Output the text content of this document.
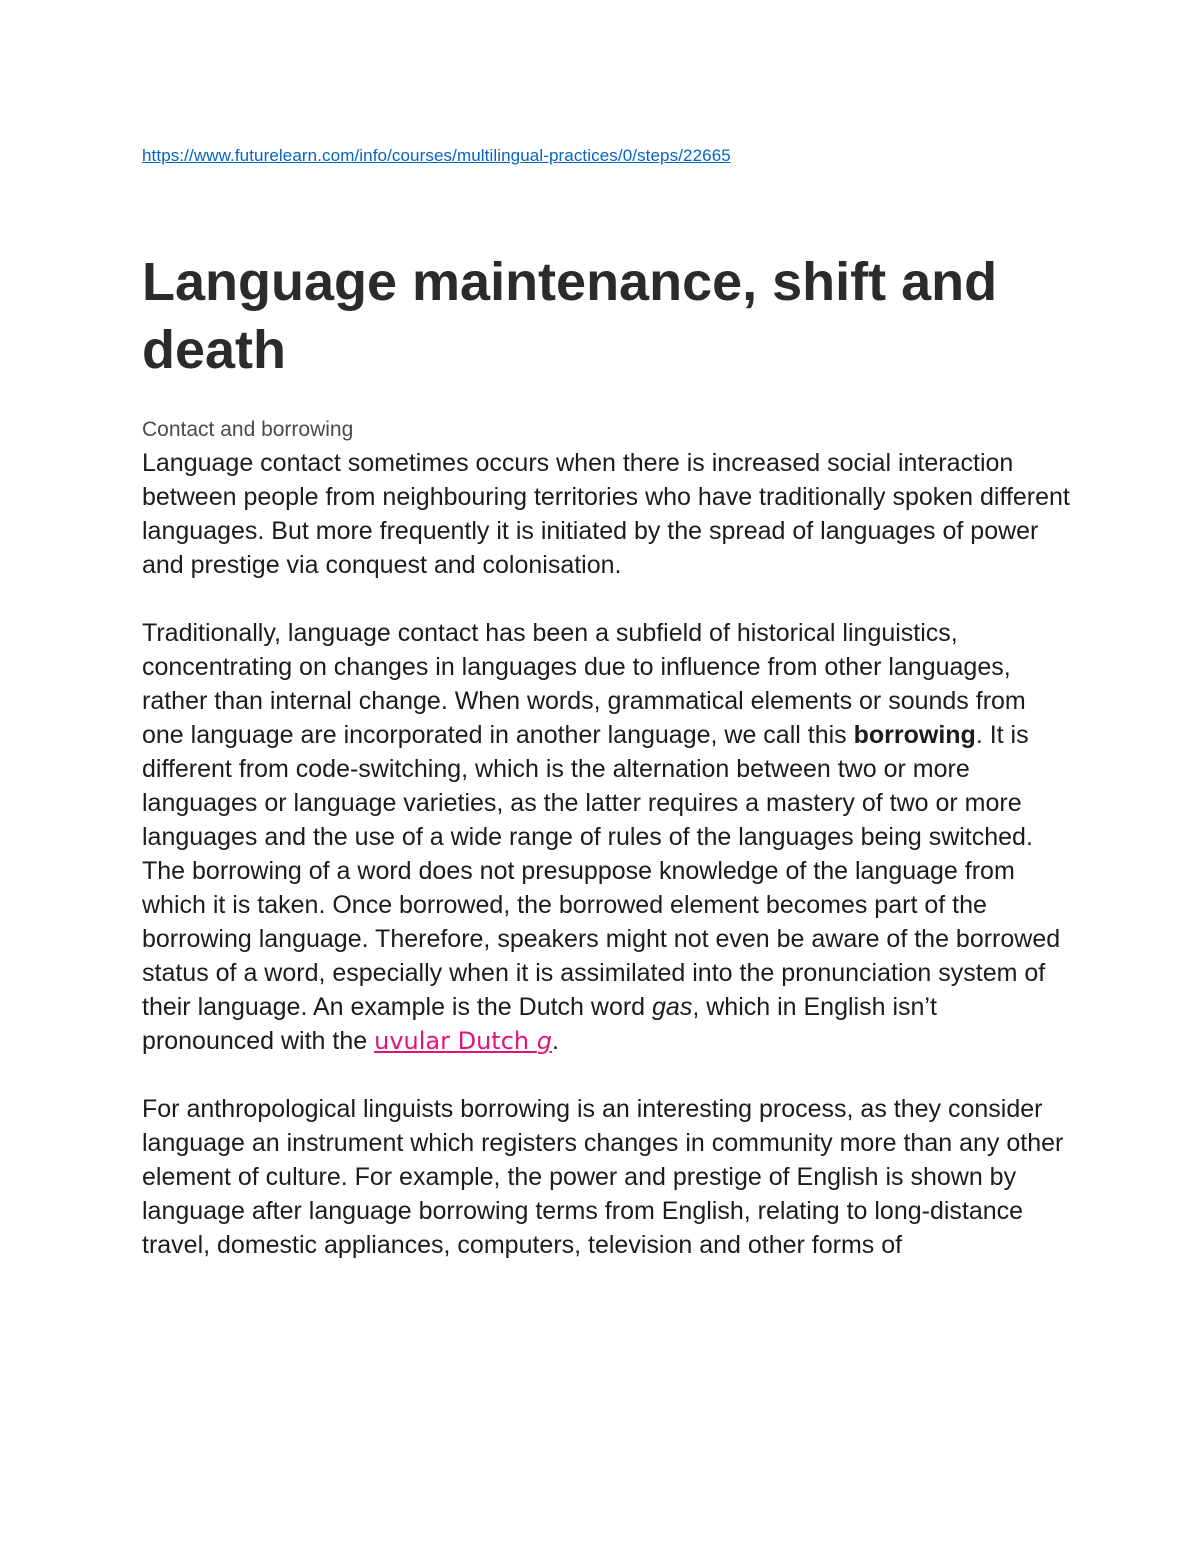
https://www.futurelearn.com/info/courses/multilingual-practices/0/steps/22665
Language maintenance, shift and death
Contact and borrowing

Language contact sometimes occurs when there is increased social interaction between people from neighbouring territories who have traditionally spoken different languages. But more frequently it is initiated by the spread of languages of power and prestige via conquest and colonisation.

Traditionally, language contact has been a subfield of historical linguistics, concentrating on changes in languages due to influence from other languages, rather than internal change. When words, grammatical elements or sounds from one language are incorporated in another language, we call this borrowing. It is different from code-switching, which is the alternation between two or more languages or language varieties, as the latter requires a mastery of two or more languages and the use of a wide range of rules of the languages being switched. The borrowing of a word does not presuppose knowledge of the language from which it is taken. Once borrowed, the borrowed element becomes part of the borrowing language. Therefore, speakers might not even be aware of the borrowed status of a word, especially when it is assimilated into the pronunciation system of their language. An example is the Dutch word gas, which in English isn’t pronounced with the uvular Dutch g.

For anthropological linguists borrowing is an interesting process, as they consider language an instrument which registers changes in community more than any other element of culture. For example, the power and prestige of English is shown by language after language borrowing terms from English, relating to long-distance travel, domestic appliances, computers, television and other forms of
